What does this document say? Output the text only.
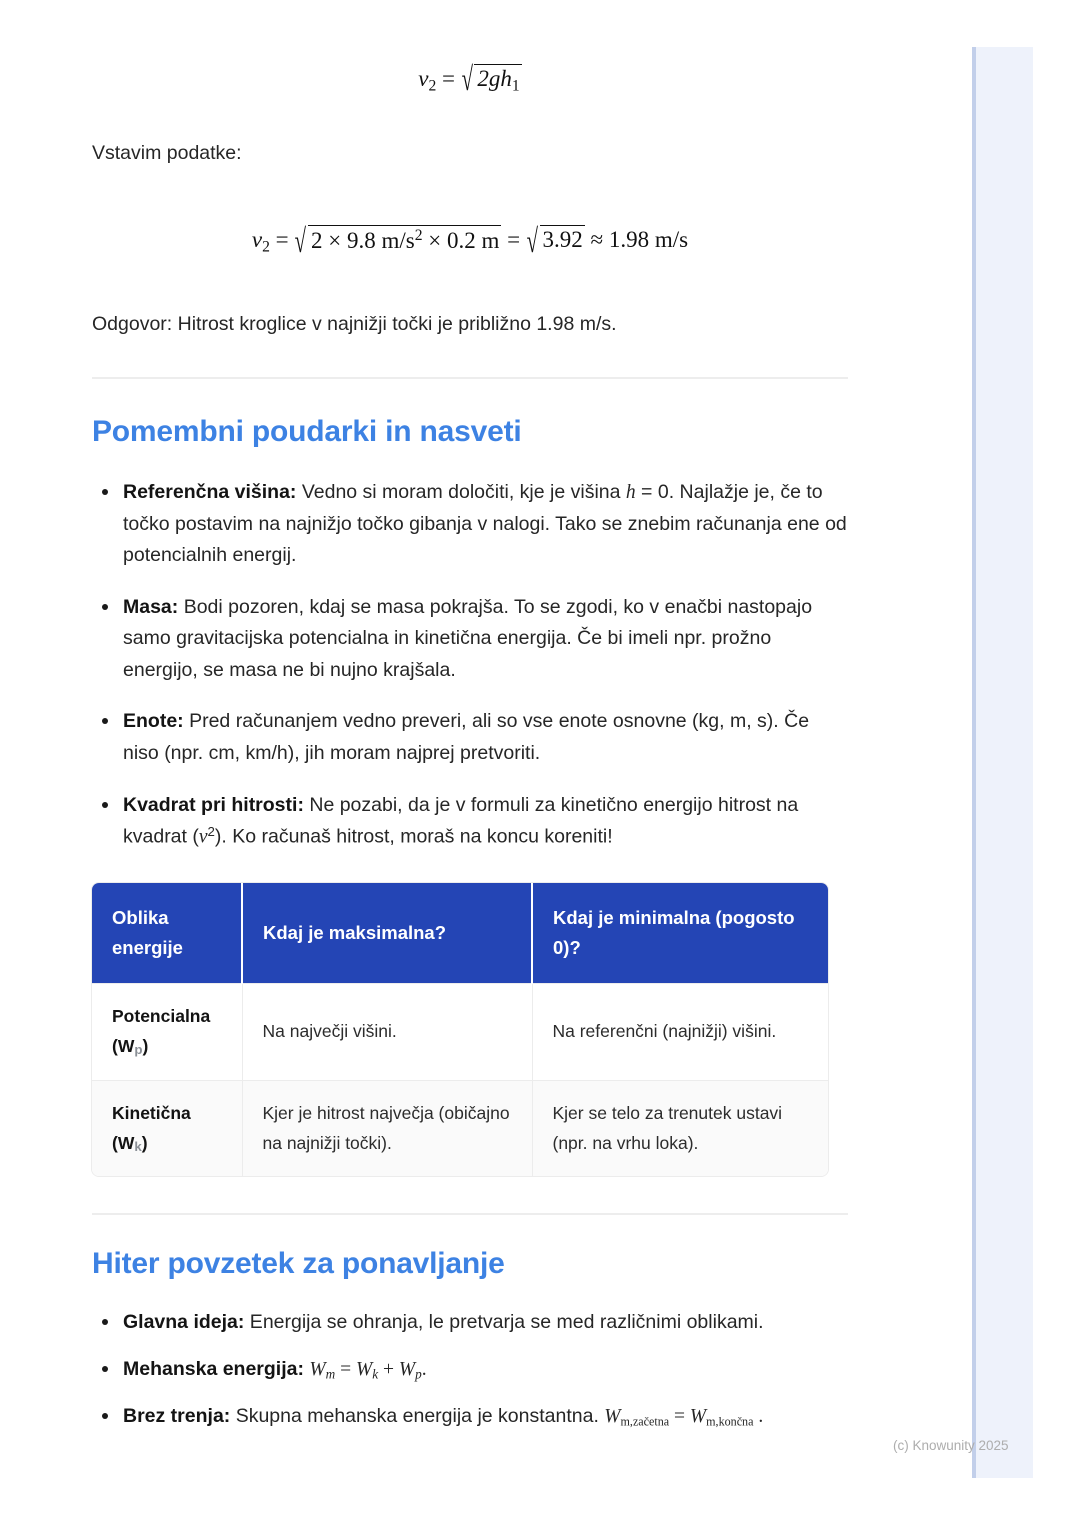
$v_2$ = √ $2gh_1$

Vstavim podatke:

$v_2$ = √ 2 × 9.8 $m/s^2 \times 0.2$ m = √ 3.92 ≈ 1.98 m/s

Odgovor: Hitrost kroglice v najnižji točki je približno 1.98 m/s.

Pomembni poudarki in nasveti
Referenčna višina: Vedno si moram določiti, kje je višina h = 0. Najlažje je, če to točko postavim na najnižjo točko gibanja v nalogi. Tako se znebim računanja ene od potencialnih energij.
Masa: Bodi pozoren, kdaj se masa pokrajša. To se zgodi, ko v enačbi nastopajo samo gravitacijska potencialna in kinetična energija. Če bi imeli npr. prožno energijo, se masa ne bi nujno krajšala.
Enote: Pred računanjem vedno preveri, ali so vse enote osnovne (kg, m, s). Če niso (npr. cm, km/h), jih moram najprej pretvoriti.
Kvadrat pri hitrosti: Ne pozabi, da je v formuli za kinetično energijo hitrost na kvadrat $(v^2)$. Ko računaš hitrost, moraš na koncu koreniti!
Oblika energije	Kdaj je maksimalna?	Kdaj je minimalna (pogosto 0)?
Potencialna
(Wp)	Na največji višini.	Na referenčni (najnižji) višini.
Kinetična
(Wk)	Kjer je hitrost največja (običajno na najnižji točki).	Kjer se telo za trenutek ustavi (npr. na vrhu loka).
Hiter povzetek za ponavljanje
Glavna ideja: Energija se ohranja, le pretvarja se med različnimi oblikami.
Mehanska energija: $W_m = W_k + W_p$.
Brez trenja: Skupna mehanska energija je konstantna. $W_{m,začetna} = W_{m,končna}$ .
(c) Knowunity 2025
